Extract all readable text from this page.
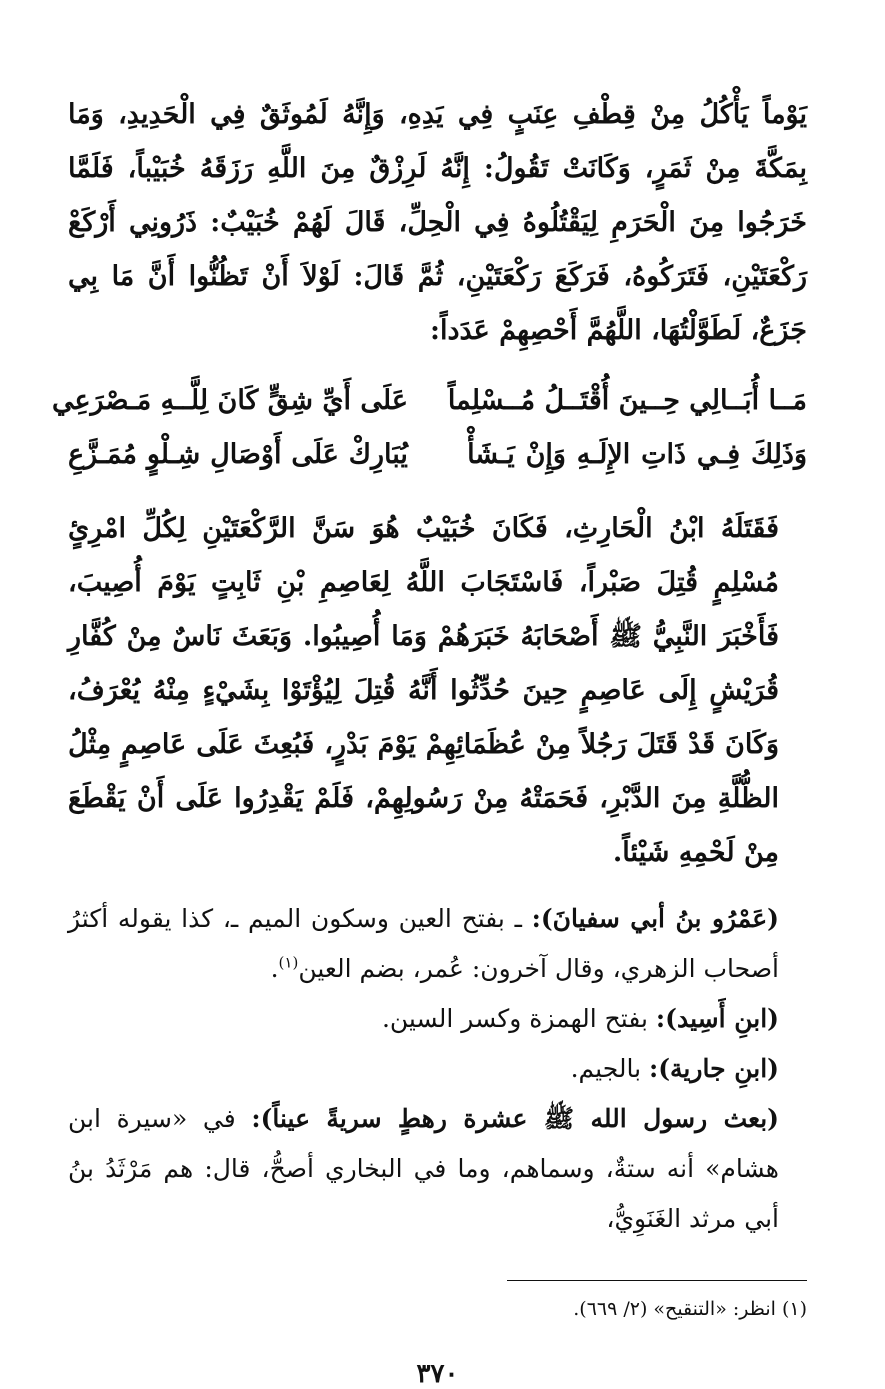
يَوْماً يَأْكُلُ مِنْ قِطْفِ عِنَبٍ فِي يَدِهِ، وَإِنَّهُ لَمُوثَقٌ فِي الْحَدِيدِ، وَمَا بِمَكَّةَ مِنْ ثَمَرٍ، وَكَانَتْ تَقُولُ: إِنَّهُ لَرِزْقٌ مِنَ اللَّهِ رَزَقَهُ خُبَيْباً، فَلَمَّا خَرَجُوا مِنَ الْحَرَمِ لِيَقْتُلُوهُ فِي الْحِلِّ، قَالَ لَهُمْ خُبَيْبٌ: ذَرُونِي أَرْكَعْ رَكْعَتَيْنِ، فَتَرَكُوهُ، فَرَكَعَ رَكْعَتَيْنِ، ثُمَّ قَالَ: لَوْلاَ أَنْ تَظُنُّوا أَنَّ مَا بِي جَزَعٌ، لَطَوَّلْتُهَا، اللَّهُمَّ أَحْصِهِمْ عَدَداً:

مَــا أُبَــالِي حِــينَ أُقْتَــلُ مُــسْلِماً
عَلَى أَيِّ شِقٍّ كَانَ لِلَّــهِ مَـصْرَعِي
وَذَلِكَ فِـي ذَاتِ الإِلَـهِ وَإِنْ يَـشَأْ
يُبَارِكْ عَلَى أَوْصَالِ شِـلْوٍ مُمَـزَّعِ

فَقَتَلَهُ ابْنُ الْحَارِثِ، فَكَانَ خُبَيْبٌ هُوَ سَنَّ الرَّكْعَتَيْنِ لِكُلِّ امْرِئٍ مُسْلِمٍ قُتِلَ صَبْراً، فَاسْتَجَابَ اللَّهُ لِعَاصِمِ بْنِ ثَابِتٍ يَوْمَ أُصِيبَ، فَأَخْبَرَ النَّبِيُّ ﷺ أَصْحَابَهُ خَبَرَهُمْ وَمَا أُصِيبُوا. وَبَعَثَ نَاسٌ مِنْ كُفَّارِ قُرَيْشٍ إِلَى عَاصِمٍ حِينَ حُدِّثُوا أَنَّهُ قُتِلَ لِيُؤْتَوْا بِشَيْءٍ مِنْهُ يُعْرَفُ، وَكَانَ قَدْ قَتَلَ رَجُلاً مِنْ عُظَمَائِهِمْ يَوْمَ بَدْرٍ، فَبُعِثَ عَلَى عَاصِمٍ مِثْلُ الظُّلَّةِ مِنَ الدَّبْرِ، فَحَمَتْهُ مِنْ رَسُولِهِمْ، فَلَمْ يَقْدِرُوا عَلَى أَنْ يَقْطَعَ مِنْ لَحْمِهِ شَيْئاً.

(عَمْرُو بنُ أبي سفيانَ): ـ بفتح العين وسكون الميم ـ، كذا يقوله أكثرُ أصحاب الزهري، وقال آخرون: عُمر، بضم العين$^{(١)}$.

(ابنِ أَسِيد): بفتح الهمزة وكسر السين.

(ابنِ جارية): بالجيم.

(بعث رسول الله ﷺ عشرة رهطٍ سريةً عيناً): في «سيرة ابن هشام» أنه ستةٌ، وسماهم، وما في البخاري أصحُّ، قال: هم مَرْثَدُ بنُ أبي مرثد الغَنَوِيُّ،

(١) انظر: «التنقيح» (٢/ ٦٦٩).

٣٧٠
